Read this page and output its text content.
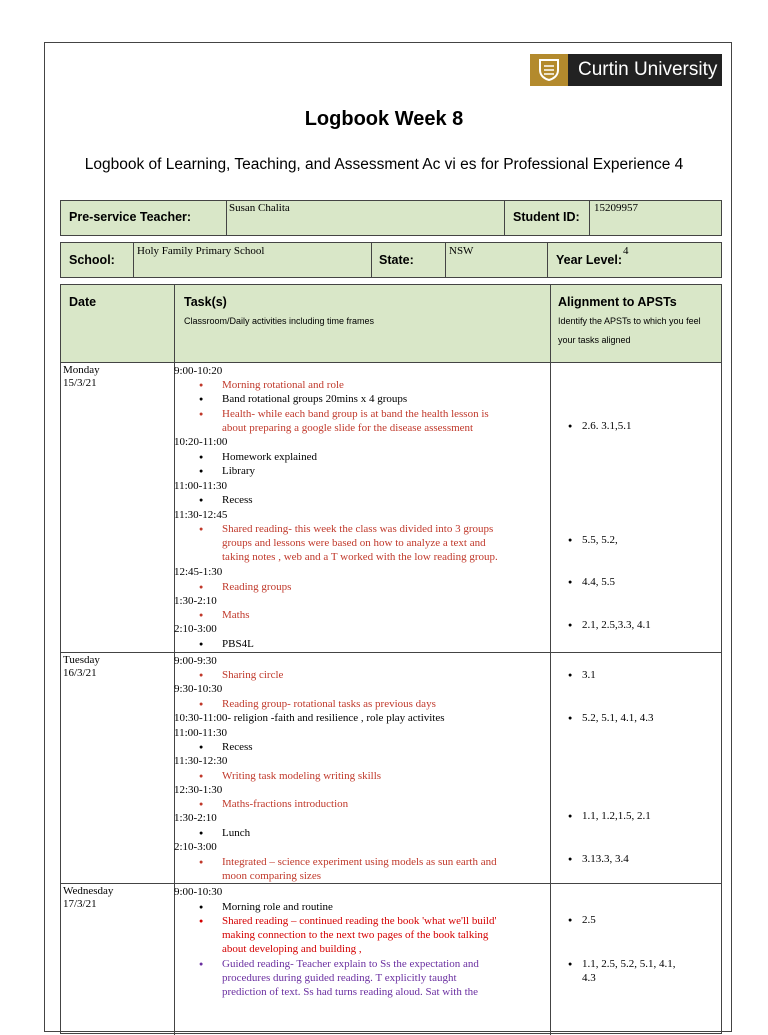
Curtin University
Logbook Week 8
Logbook of Learning, Teaching, and Assessment Ac vi es for Professional Experience 4
Pre-service Teacher:
Susan Chalita
Student ID:
15209957
School:
Holy Family Primary School
State:
NSW
Year Level:
4
Date	Task(s)
Classroom/Daily activities including time frames
Alignment to APSTs
Identify the APSTs to which you feel
your tasks aligned
Monday
15/3/21
9:00-10:20
● Morning rotational and role
● Band rotational groups 20mins x 4 groups
● Health- while each band group is at band the health lesson is
about preparing a google slide for the disease assessment
10:20-11:00
● Homework explained
● Library
11:00-11:30
● Recess
11:30-12:45
● Shared reading- this week the class was divided into 3 groups
groups and lessons were based on how to analyze a text and
taking notes , web and a T worked with the low reading group.
12:45-1:30
● Reading groups
1:30-2:10
● Maths
2:10-3:00
● PBS4L
● 2.6. 3.1,5.1
● 5.5, 5.2,
● 4.4, 5.5
● 2.1, 2.5,3.3, 4.1
Tuesday
16/3/21
9:00-9:30
● Sharing circle
9:30-10:30
● Reading group- rotational tasks as previous days
10:30-11:00- religion -faith and resilience , role play activites
11:00-11:30
● Recess
11:30-12:30
● Writing task modeling writing skills
12:30-1:30
● Maths-fractions introduction
1:30-2:10
● Lunch
2:10-3:00
● Integrated – science experiment using models as sun earth and
moon comparing sizes
● 3.1
● 5.2, 5.1, 4.1, 4.3
● 1.1, 1.2,1.5, 2.1
● 3.13.3, 3.4
Wednesday
17/3/21
9:00-10:30
● Morning role and routine
● Shared reading – continued reading the book 'what we'll build'
making connection to the next two pages of the book talking
about developing and building ,
● Guided reading- Teacher explain to Ss the expectation and
procedures during guided reading. T explicitly taught
prediction of text. Ss had turns reading aloud. Sat with the
● 2.5
● 1.1, 2.5, 5.2, 5.1, 4.1,
4.3
